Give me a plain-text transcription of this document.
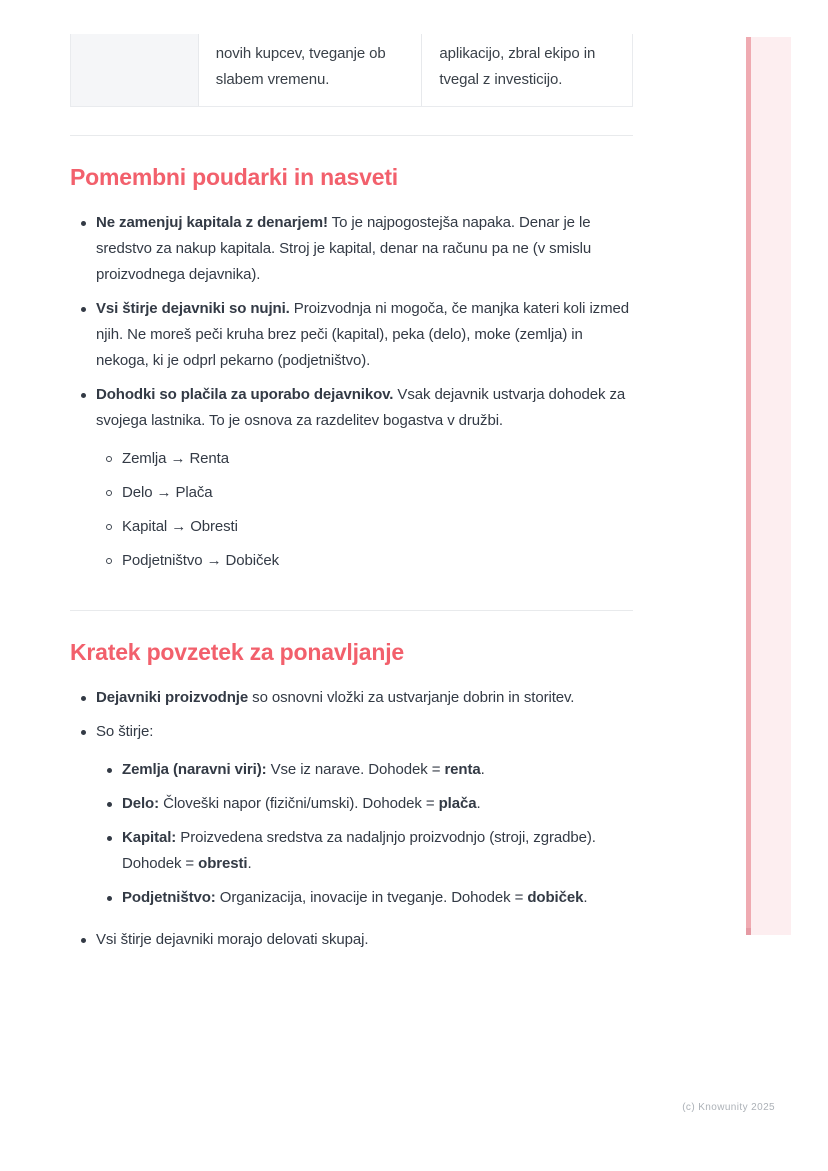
novih kupcev, tveganje ob slabem vremenu.
aplikacijo, zbral ekipo in tvegal z investicijo.
Pomembni poudarki in nasveti

Ne zamenjuj kapitala z denarjem! To je najpogostejša napaka. Denar je le sredstvo za nakup kapitala. Stroj je kapital, denar na računu pa ne (v smislu proizvodnega dejavnika).

Vsi štirje dejavniki so nujni. Proizvodnja ni mogoča, če manjka kateri koli izmed njih. Ne moreš peči kruha brez peči (kapital), peka (delo), moke (zemlja) in nekoga, ki je odprl pekarno (podjetništvo).

Dohodki so plačila za uporabo dejavnikov. Vsak dejavnik ustvarja dohodek za svojega lastnika. To je osnova za razdelitev bogastva v družbi.

Zemlja → Renta

Delo → Plača

Kapital → Obresti

Podjetništvo → Dobiček

Kratek povzetek za ponavljanje

Dejavniki proizvodnje so osnovni vložki za ustvarjanje dobrin in storitev.

So štirje:

Zemlja (naravni viri): Vse iz narave. Dohodek = renta.

Delo: Človeški napor (fizični/umski). Dohodek = plača.

Kapital: Proizvedena sredstva za nadaljnjo proizvodnjo (stroji, zgradbe). Dohodek = obresti.

Podjetništvo: Organizacija, inovacije in tveganje. Dohodek = dobiček.

Vsi štirje dejavniki morajo delovati skupaj.

(c) Knowunity 2025
